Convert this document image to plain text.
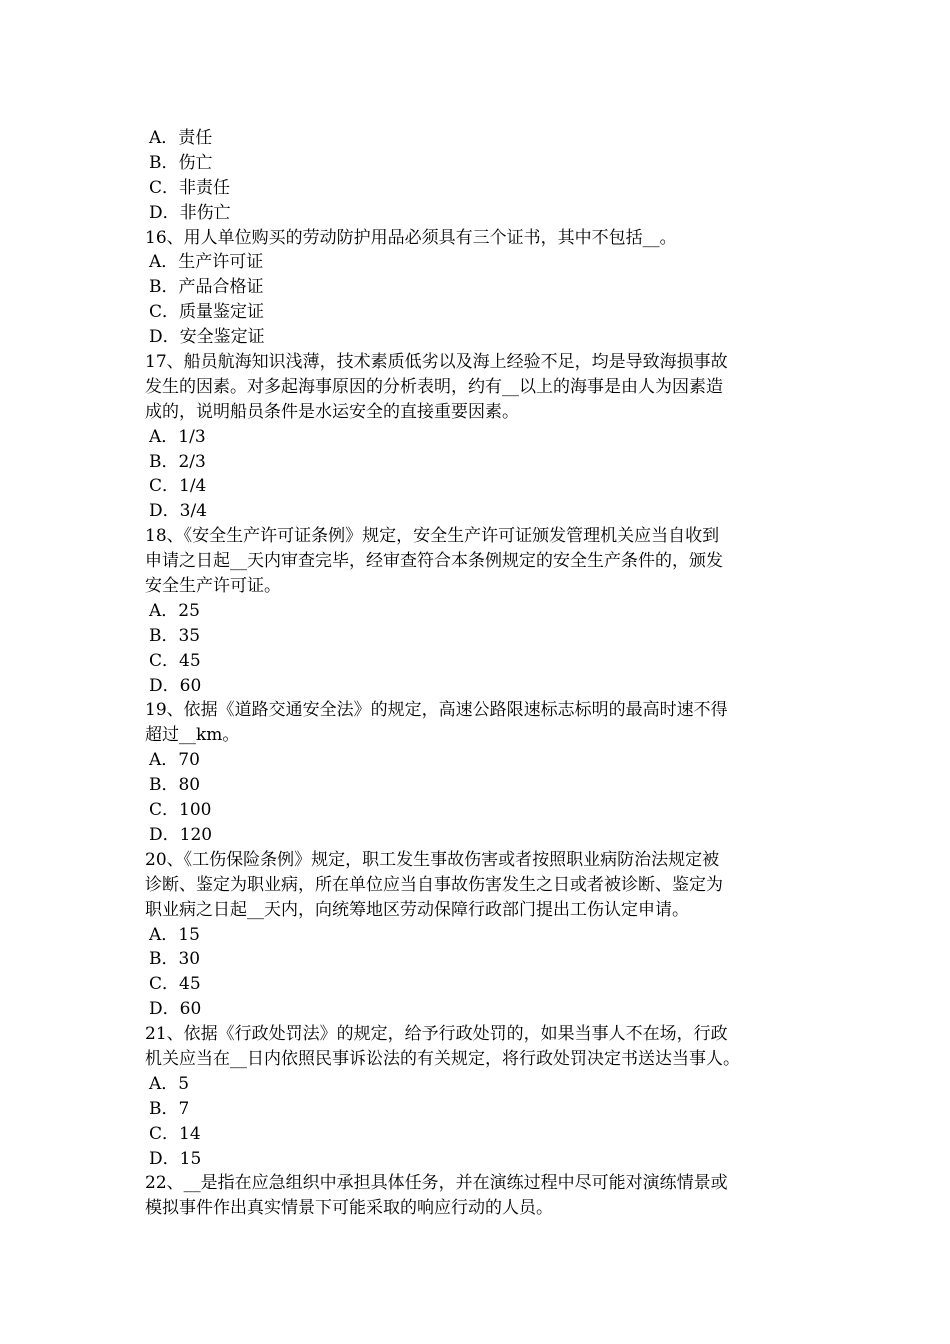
A．责任
B．伤亡
C．非责任
D．非伤亡
16、用人单位购买的劳动防护用品必须具有三个证书，其中不包括__。
A．生产许可证
B．产品合格证
C．质量鉴定证
D．安全鉴定证
17、船员航海知识浅薄，技术素质低劣以及海上经验不足，均是导致海损事故
发生的因素。对多起海事原因的分析表明，约有__以上的海事是由人为因素造
成的，说明船员条件是水运安全的直接重要因素。
A．1/3
B．2/3
C．1/4
D．3/4
18、《安全生产许可证条例》规定，安全生产许可证颁发管理机关应当自收到
申请之日起__天内审查完毕，经审查符合本条例规定的安全生产条件的，颁发
安全生产许可证。
A．25
B．35
C．45
D．60
19、依据《道路交通安全法》的规定，高速公路限速标志标明的最高时速不得
超过__km。
A．70
B．80
C．100
D．120
20、《工伤保险条例》规定，职工发生事故伤害或者按照职业病防治法规定被
诊断、鉴定为职业病，所在单位应当自事故伤害发生之日或者被诊断、鉴定为
职业病之日起__天内，向统筹地区劳动保障行政部门提出工伤认定申请。
A．15
B．30
C．45
D．60
21、依据《行政处罚法》的规定，给予行政处罚的，如果当事人不在场，行政
机关应当在__日内依照民事诉讼法的有关规定，将行政处罚决定书送达当事人。
A．5
B．7
C．14
D．15
22、__是指在应急组织中承担具体任务，并在演练过程中尽可能对演练情景或
模拟事件作出真实情景下可能采取的响应行动的人员。
